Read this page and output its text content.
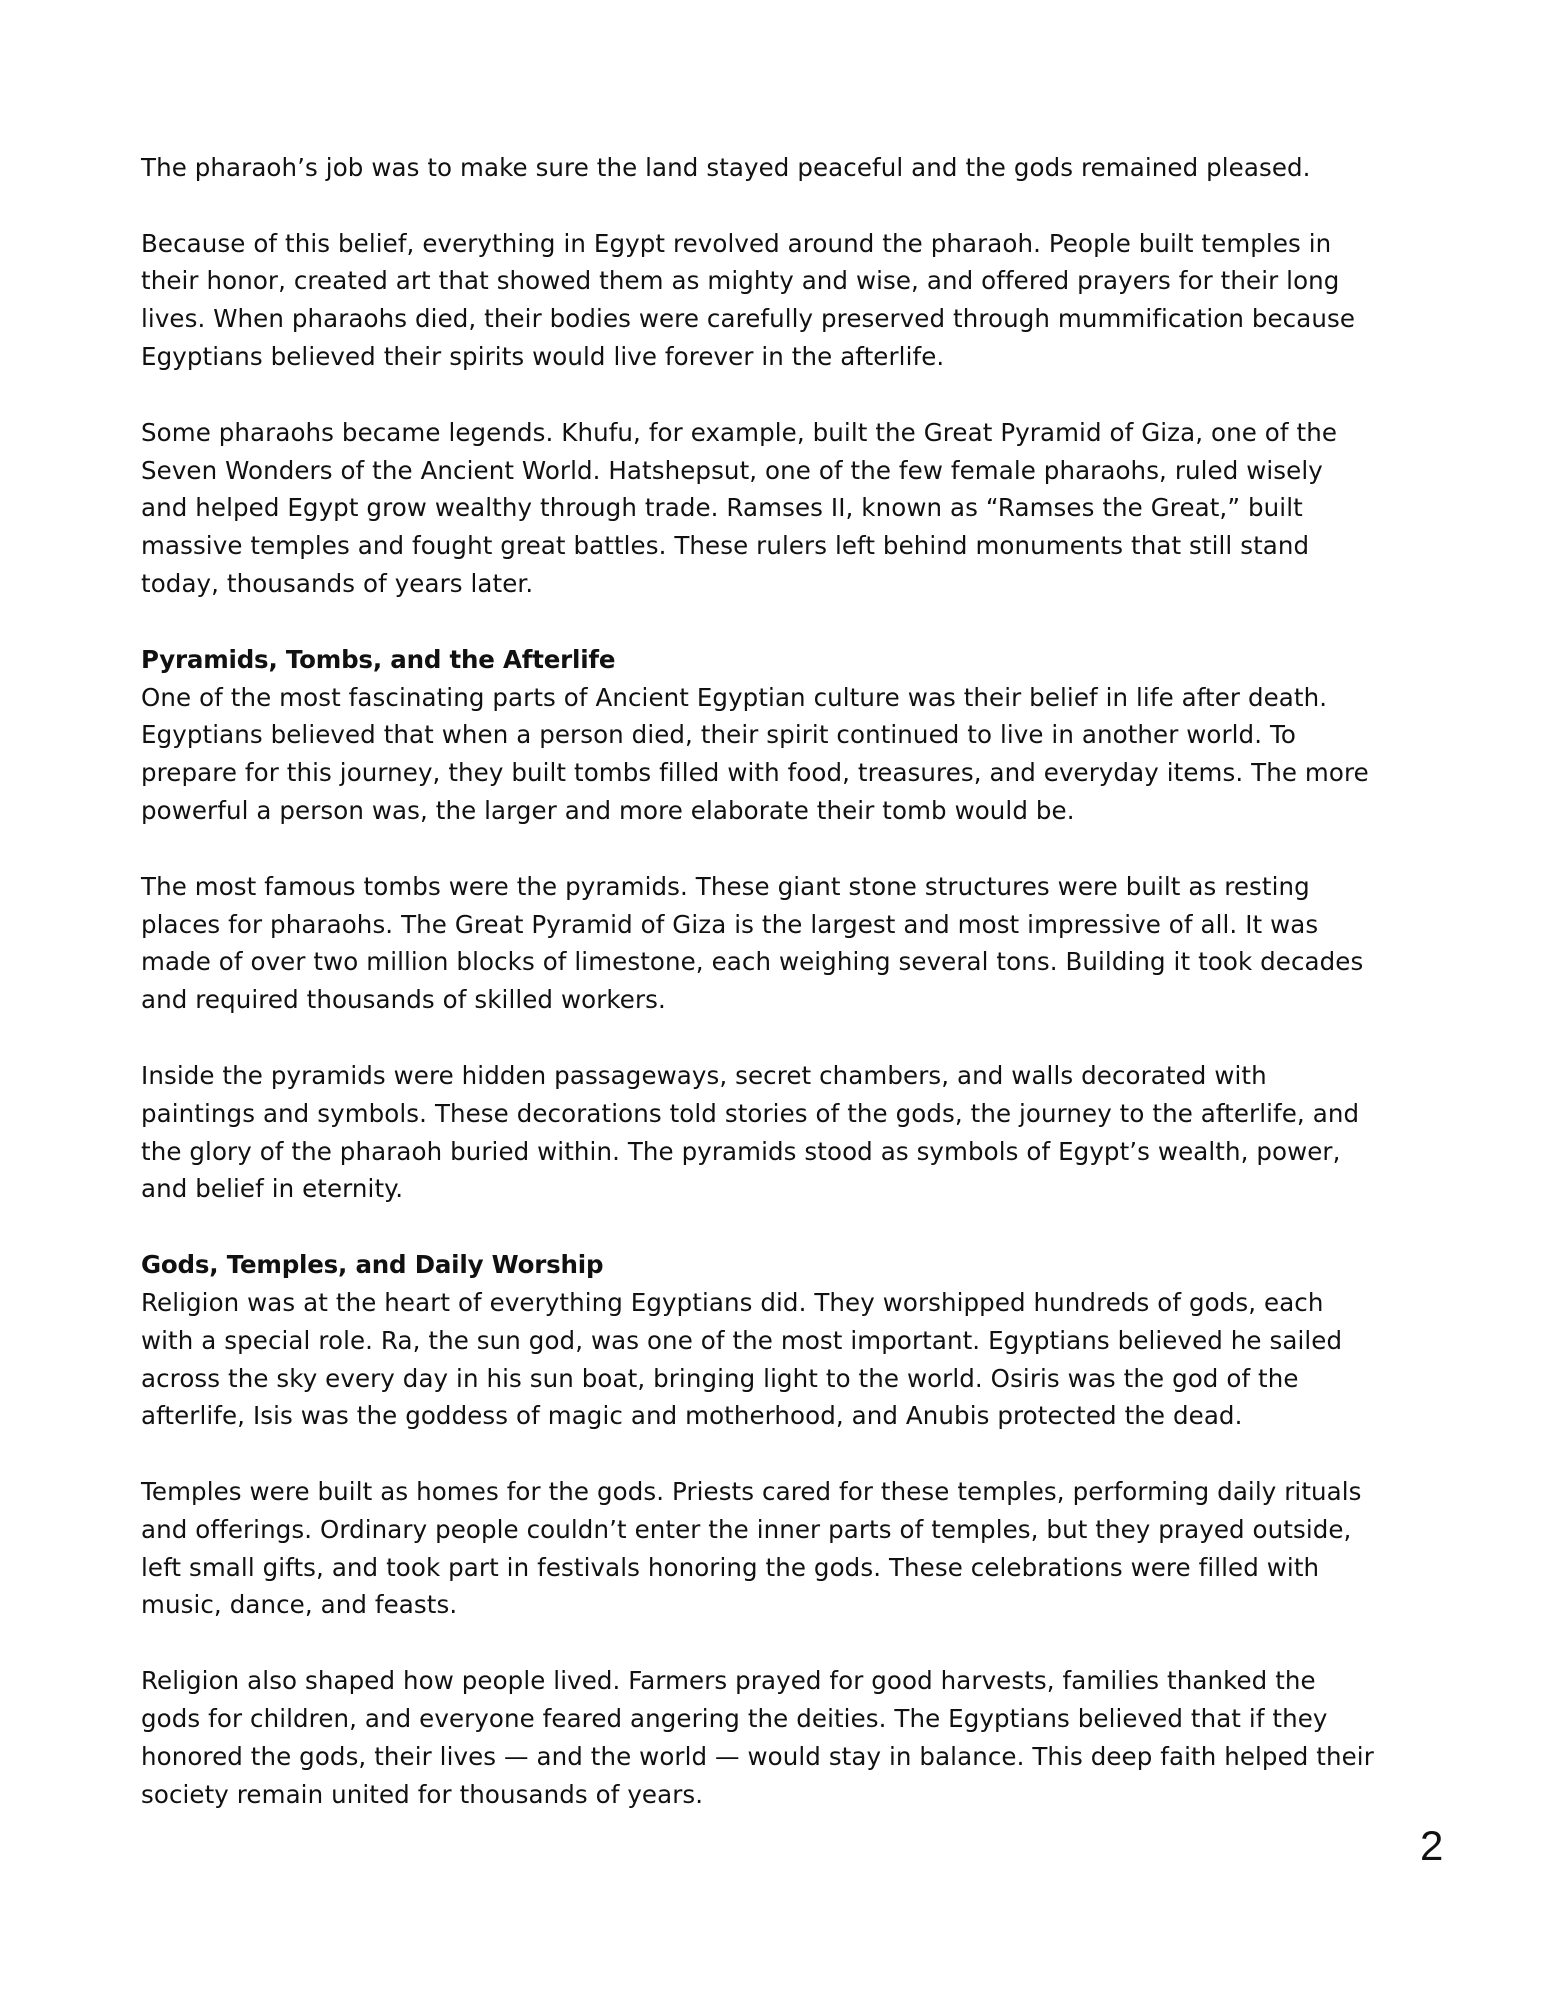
The pharaoh’s job was to make sure the land stayed peaceful and the gods remained pleased.
Because of this belief, everything in Egypt revolved around the pharaoh. People built temples in
their honor, created art that showed them as mighty and wise, and offered prayers for their long
lives. When pharaohs died, their bodies were carefully preserved through mummification because
Egyptians believed their spirits would live forever in the afterlife.
Some pharaohs became legends. Khufu, for example, built the Great Pyramid of Giza, one of the
Seven Wonders of the Ancient World. Hatshepsut, one of the few female pharaohs, ruled wisely
and helped Egypt grow wealthy through trade. Ramses II, known as “Ramses the Great,” built
massive temples and fought great battles. These rulers left behind monuments that still stand
today, thousands of years later.
Pyramids, Tombs, and the Afterlife
One of the most fascinating parts of Ancient Egyptian culture was their belief in life after death.
Egyptians believed that when a person died, their spirit continued to live in another world. To
prepare for this journey, they built tombs filled with food, treasures, and everyday items. The more
powerful a person was, the larger and more elaborate their tomb would be.
The most famous tombs were the pyramids. These giant stone structures were built as resting
places for pharaohs. The Great Pyramid of Giza is the largest and most impressive of all. It was
made of over two million blocks of limestone, each weighing several tons. Building it took decades
and required thousands of skilled workers.
Inside the pyramids were hidden passageways, secret chambers, and walls decorated with
paintings and symbols. These decorations told stories of the gods, the journey to the afterlife, and
the glory of the pharaoh buried within. The pyramids stood as symbols of Egypt’s wealth, power,
and belief in eternity.
Gods, Temples, and Daily Worship
Religion was at the heart of everything Egyptians did. They worshipped hundreds of gods, each
with a special role. Ra, the sun god, was one of the most important. Egyptians believed he sailed
across the sky every day in his sun boat, bringing light to the world. Osiris was the god of the
afterlife, Isis was the goddess of magic and motherhood, and Anubis protected the dead.
Temples were built as homes for the gods. Priests cared for these temples, performing daily rituals
and offerings. Ordinary people couldn’t enter the inner parts of temples, but they prayed outside,
left small gifts, and took part in festivals honoring the gods. These celebrations were filled with
music, dance, and feasts.
Religion also shaped how people lived. Farmers prayed for good harvests, families thanked the
gods for children, and everyone feared angering the deities. The Egyptians believed that if they
honored the gods, their lives — and the world — would stay in balance. This deep faith helped their
society remain united for thousands of years.
2
